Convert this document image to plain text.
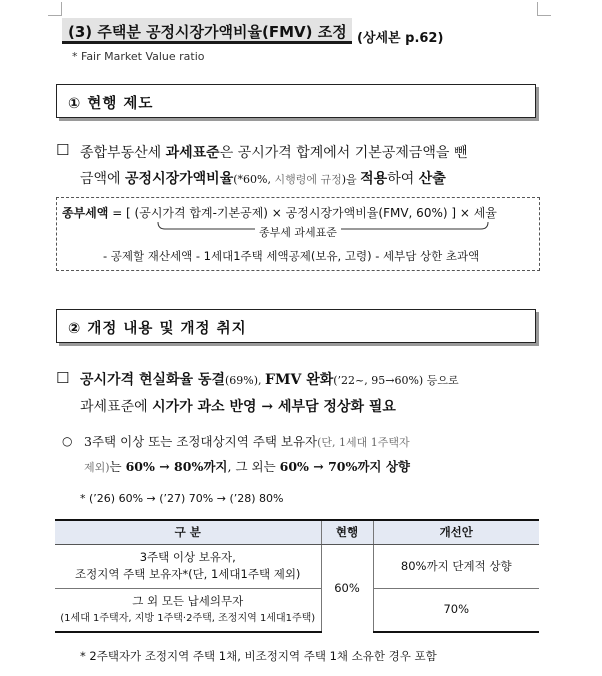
(3) 주택분 공정시장가액비율(FMV) 조정 (상세본 p.62)
* Fair Market Value ratio
① 현행 제도
☐ 종합부동산세 과세표준은 공시가격 합계에서 기본공제금액을 뺀
금액에 공정시장가액비율(*60%, 시행령에 규정)을 적용하여 산출
종부세액 = [ (공시가격 합계-기본공제) × 공정시장가액비율(FMV, 60%) ] × 세율
종부세 과세표준
- 공제할 재산세액 - 1세대1주택 세액공제(보유, 고령) - 세부담 상한 초과액
② 개정 내용 및 개정 취지
☐ 공시가격 현실화율 동결(69%), FMV 완화(’22~, 95→60%) 등으로
과세표준에 시가가 과소 반영 → 세부담 정상화 필요
○ 3주택 이상 또는 조정대상지역 주택 보유자(단, 1세대 1주택자
제외)는 60% → 80%까지, 그 외는 60% → 70%까지 상향
* (’26) 60% → (’27) 70% → (’28) 80%
구 분	현행	개선안

3주택 이상 보유자,
조정지역 주택 보유자*(단, 1세대1주택 제외)	60%	80%까지 단계적 상향

그 외 모든 납세의무자
(1세대 1주택자, 지방 1주택·2주택, 조정지역 1세대1주택)		70%
* 2주택자가 조정지역 주택 1채, 비조정지역 주택 1채 소유한 경우 포함
